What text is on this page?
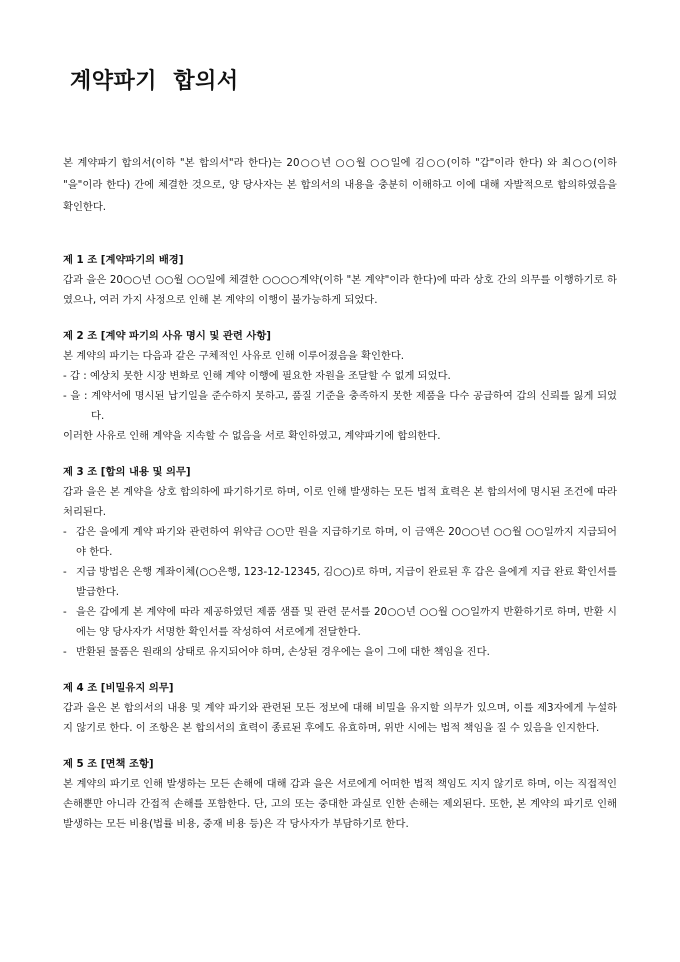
계약파기  합의서

본 계약파기 합의서(이하 "본 합의서"라 한다)는 20○○년 ○○월 ○○일에 김○○(이하 "갑"이라 한다) 와 최○○(이하 "을"이라 한다) 간에 체결한 것으로, 양 당사자는 본 합의서의 내용을 충분히 이해하고 이에 대해 자발적으로 합의하였음을 확인한다.

제 1 조 [계약파기의 배경]

갑과 을은 20○○년 ○○월 ○○일에 체결한 ○○○○계약(이하 "본 계약"이라 한다)에 따라 상호 간의 의무를 이행하기로 하였으나, 여러 가지 사정으로 인해 본 계약의 이행이 불가능하게 되었다.

제 2 조 [계약 파기의 사유 명시 및 관련 사항]

본 계약의 파기는 다음과 같은 구체적인 사유로 인해 이루어졌음을 확인한다.

- 갑 : 예상치 못한 시장 변화로 인해 계약 이행에 필요한 자원을 조달할 수 없게 되었다.
- 을 : 계약서에 명시된 납기일을 준수하지 못하고, 품질 기준을 충족하지 못한 제품을 다수 공급하여 갑의 신뢰를 잃게 되었다.

이러한 사유로 인해 계약을 지속할 수 없음을 서로 확인하였고, 계약파기에 합의한다.

제 3 조 [합의 내용 및 의무]

갑과 을은 본 계약을 상호 합의하에 파기하기로 하며, 이로 인해 발생하는 모든 법적 효력은 본 합의서에 명시된 조건에 따라 처리된다.

- 갑은 을에게 계약 파기와 관련하여 위약금 ○○만 원을 지급하기로 하며, 이 금액은 20○○년 ○○월 ○○일까지 지급되어야 한다.
- 지급 방법은 은행 계좌이체(○○은행, 123-12-12345, 김○○)로 하며, 지급이 완료된 후 갑은 을에게 지급 완료 확인서를 발급한다.
- 을은 갑에게 본 계약에 따라 제공하였던 제품 샘플 및 관련 문서를 20○○년 ○○월 ○○일까지 반환하기로 하며, 반환 시에는 양 당사자가 서명한 확인서를 작성하여 서로에게 전달한다.
- 반환된 물품은 원래의 상태로 유지되어야 하며, 손상된 경우에는 을이 그에 대한 책임을 진다.

제 4 조 [비밀유지 의무]

갑과 을은 본 합의서의 내용 및 계약 파기와 관련된 모든 정보에 대해 비밀을 유지할 의무가 있으며, 이를 제3자에게 누설하지 않기로 한다. 이 조항은 본 합의서의 효력이 종료된 후에도 유효하며, 위반 시에는 법적 책임을 질 수 있음을 인지한다.

제 5 조 [면책 조항]

본 계약의 파기로 인해 발생하는 모든 손해에 대해 갑과 을은 서로에게 어떠한 법적 책임도 지지 않기로 하며, 이는 직접적인 손해뿐만 아니라 간접적 손해를 포함한다. 단, 고의 또는 중대한 과실로 인한 손해는 제외된다. 또한, 본 계약의 파기로 인해 발생하는 모든 비용(법률 비용, 중재 비용 등)은 각 당사자가 부담하기로 한다.
